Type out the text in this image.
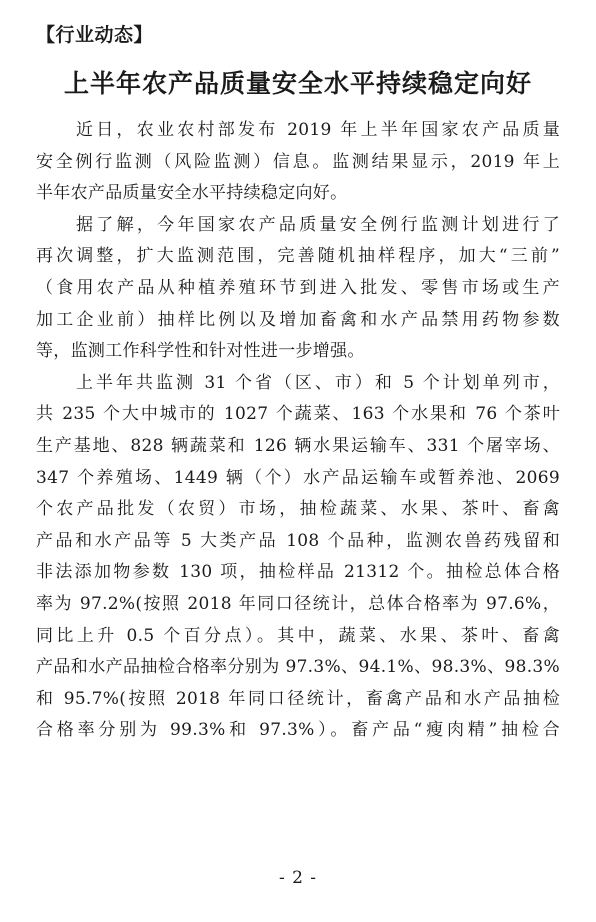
【行业动态】
上半年农产品质量安全水平持续稳定向好
近日，农业农村部发布 2019 年上半年国家农产品质量
安全例行监测（风险监测）信息。监测结果显示，2019 年上
半年农产品质量安全水平持续稳定向好。
据了解，今年国家农产品质量安全例行监测计划进行了
再次调整，扩大监测范围，完善随机抽样程序，加大“三前”
（食用农产品从种植养殖环节到进入批发、零售市场或生产
加工企业前）抽样比例以及增加畜禽和水产品禁用药物参数
等，监测工作科学性和针对性进一步增强。
上半年共监测 31 个省（区、市）和 5 个计划单列市，
共 235 个大中城市的 1027 个蔬菜、163 个水果和 76 个茶叶
生产基地、828 辆蔬菜和 126 辆水果运输车、331 个屠宰场、
347 个养殖场、1449 辆（个）水产品运输车或暂养池、2069
个农产品批发（农贸）市场，抽检蔬菜、水果、茶叶、畜禽
产品和水产品等 5 大类产品 108 个品种，监测农兽药残留和
非法添加物参数 130 项，抽检样品 21312 个。抽检总体合格
率为 97.2%(按照 2018 年同口径统计，总体合格率为 97.6%，
同比上升 0.5 个百分点）。其中，蔬菜、水果、茶叶、畜禽
产品和水产品抽检合格率分别为 97.3%、94.1%、98.3%、98.3%
和 95.7%(按照 2018 年同口径统计，畜禽产品和水产品抽检
合格率分别为 99.3%和 97.3%）。畜产品“瘦肉精”抽检合
- 2 -
